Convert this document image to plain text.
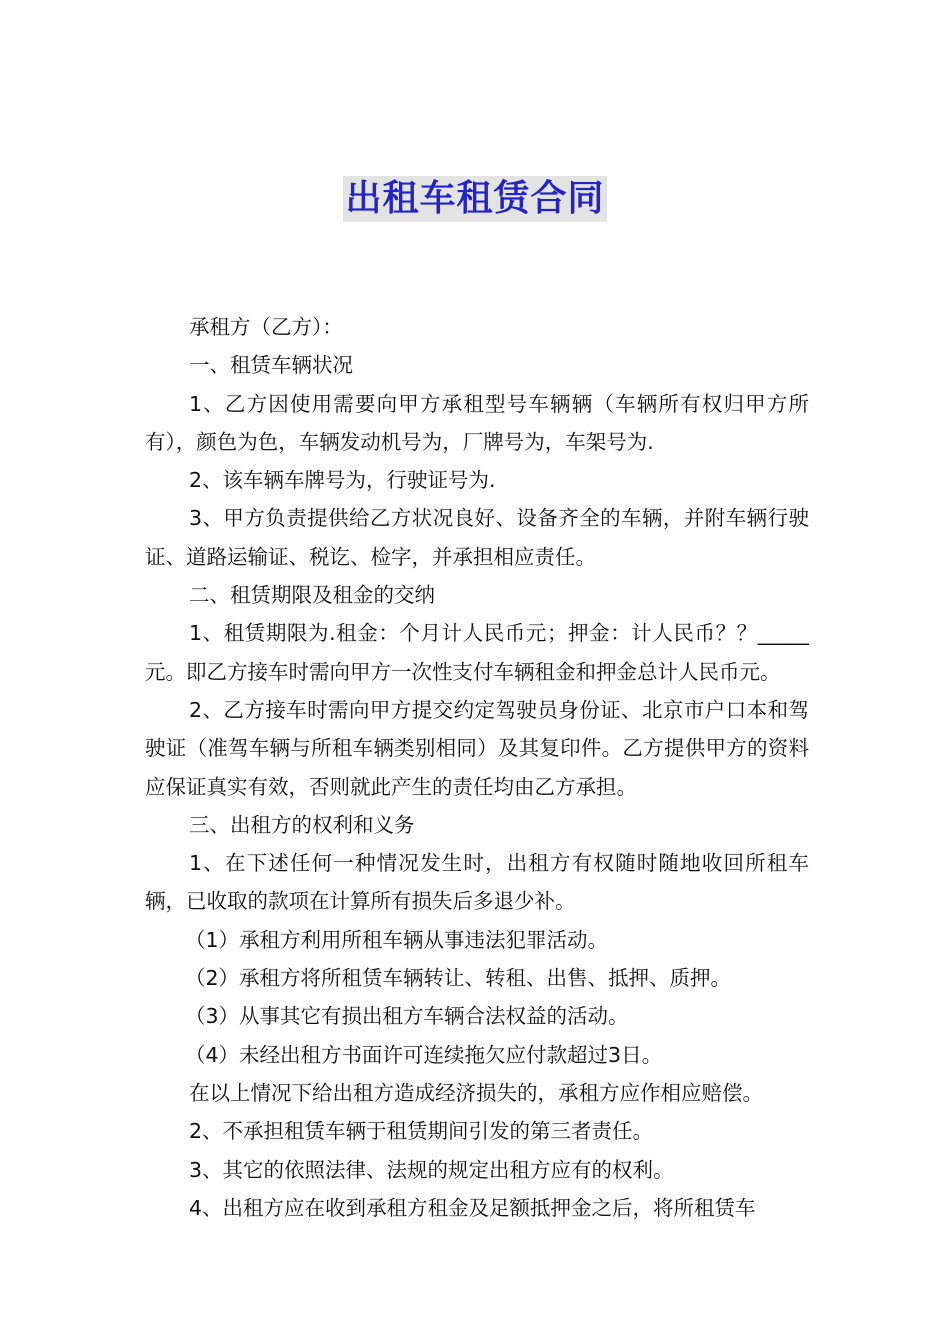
出租车租赁合同

承租方（乙方）：

一、租赁车辆状况

1、乙方因使用需要向甲方承租型号车辆辆（车辆所有权归甲方所有），颜色为色，车辆发动机号为，厂牌号为，车架号为.

2、该车辆车牌号为，行驶证号为.

3、甲方负责提供给乙方状况良好、设备齐全的车辆，并附车辆行驶证、道路运输证、税讫、检字，并承担相应责任。

二、租赁期限及租金的交纳

1、租赁期限为.租金：个月计人民币元；押金：计人民币？？_____元。即乙方接车时需向甲方一次性支付车辆租金和押金总计人民币元。

2、乙方接车时需向甲方提交约定驾驶员身份证、北京市户口本和驾驶证（准驾车辆与所租车辆类别相同）及其复印件。乙方提供甲方的资料应保证真实有效，否则就此产生的责任均由乙方承担。

三、出租方的权利和义务

1、在下述任何一种情况发生时，出租方有权随时随地收回所租车辆，已收取的款项在计算所有损失后多退少补。

（1）承租方利用所租车辆从事违法犯罪活动。

（2）承租方将所租赁车辆转让、转租、出售、抵押、质押。

（3）从事其它有损出租方车辆合法权益的活动。

（4）未经出租方书面许可连续拖欠应付款超过3日。

在以上情况下给出租方造成经济损失的，承租方应作相应赔偿。

2、不承担租赁车辆于租赁期间引发的第三者责任。

3、其它的依照法律、法规的规定出租方应有的权利。

4、出租方应在收到承租方租金及足额抵押金之后，将所租赁车
